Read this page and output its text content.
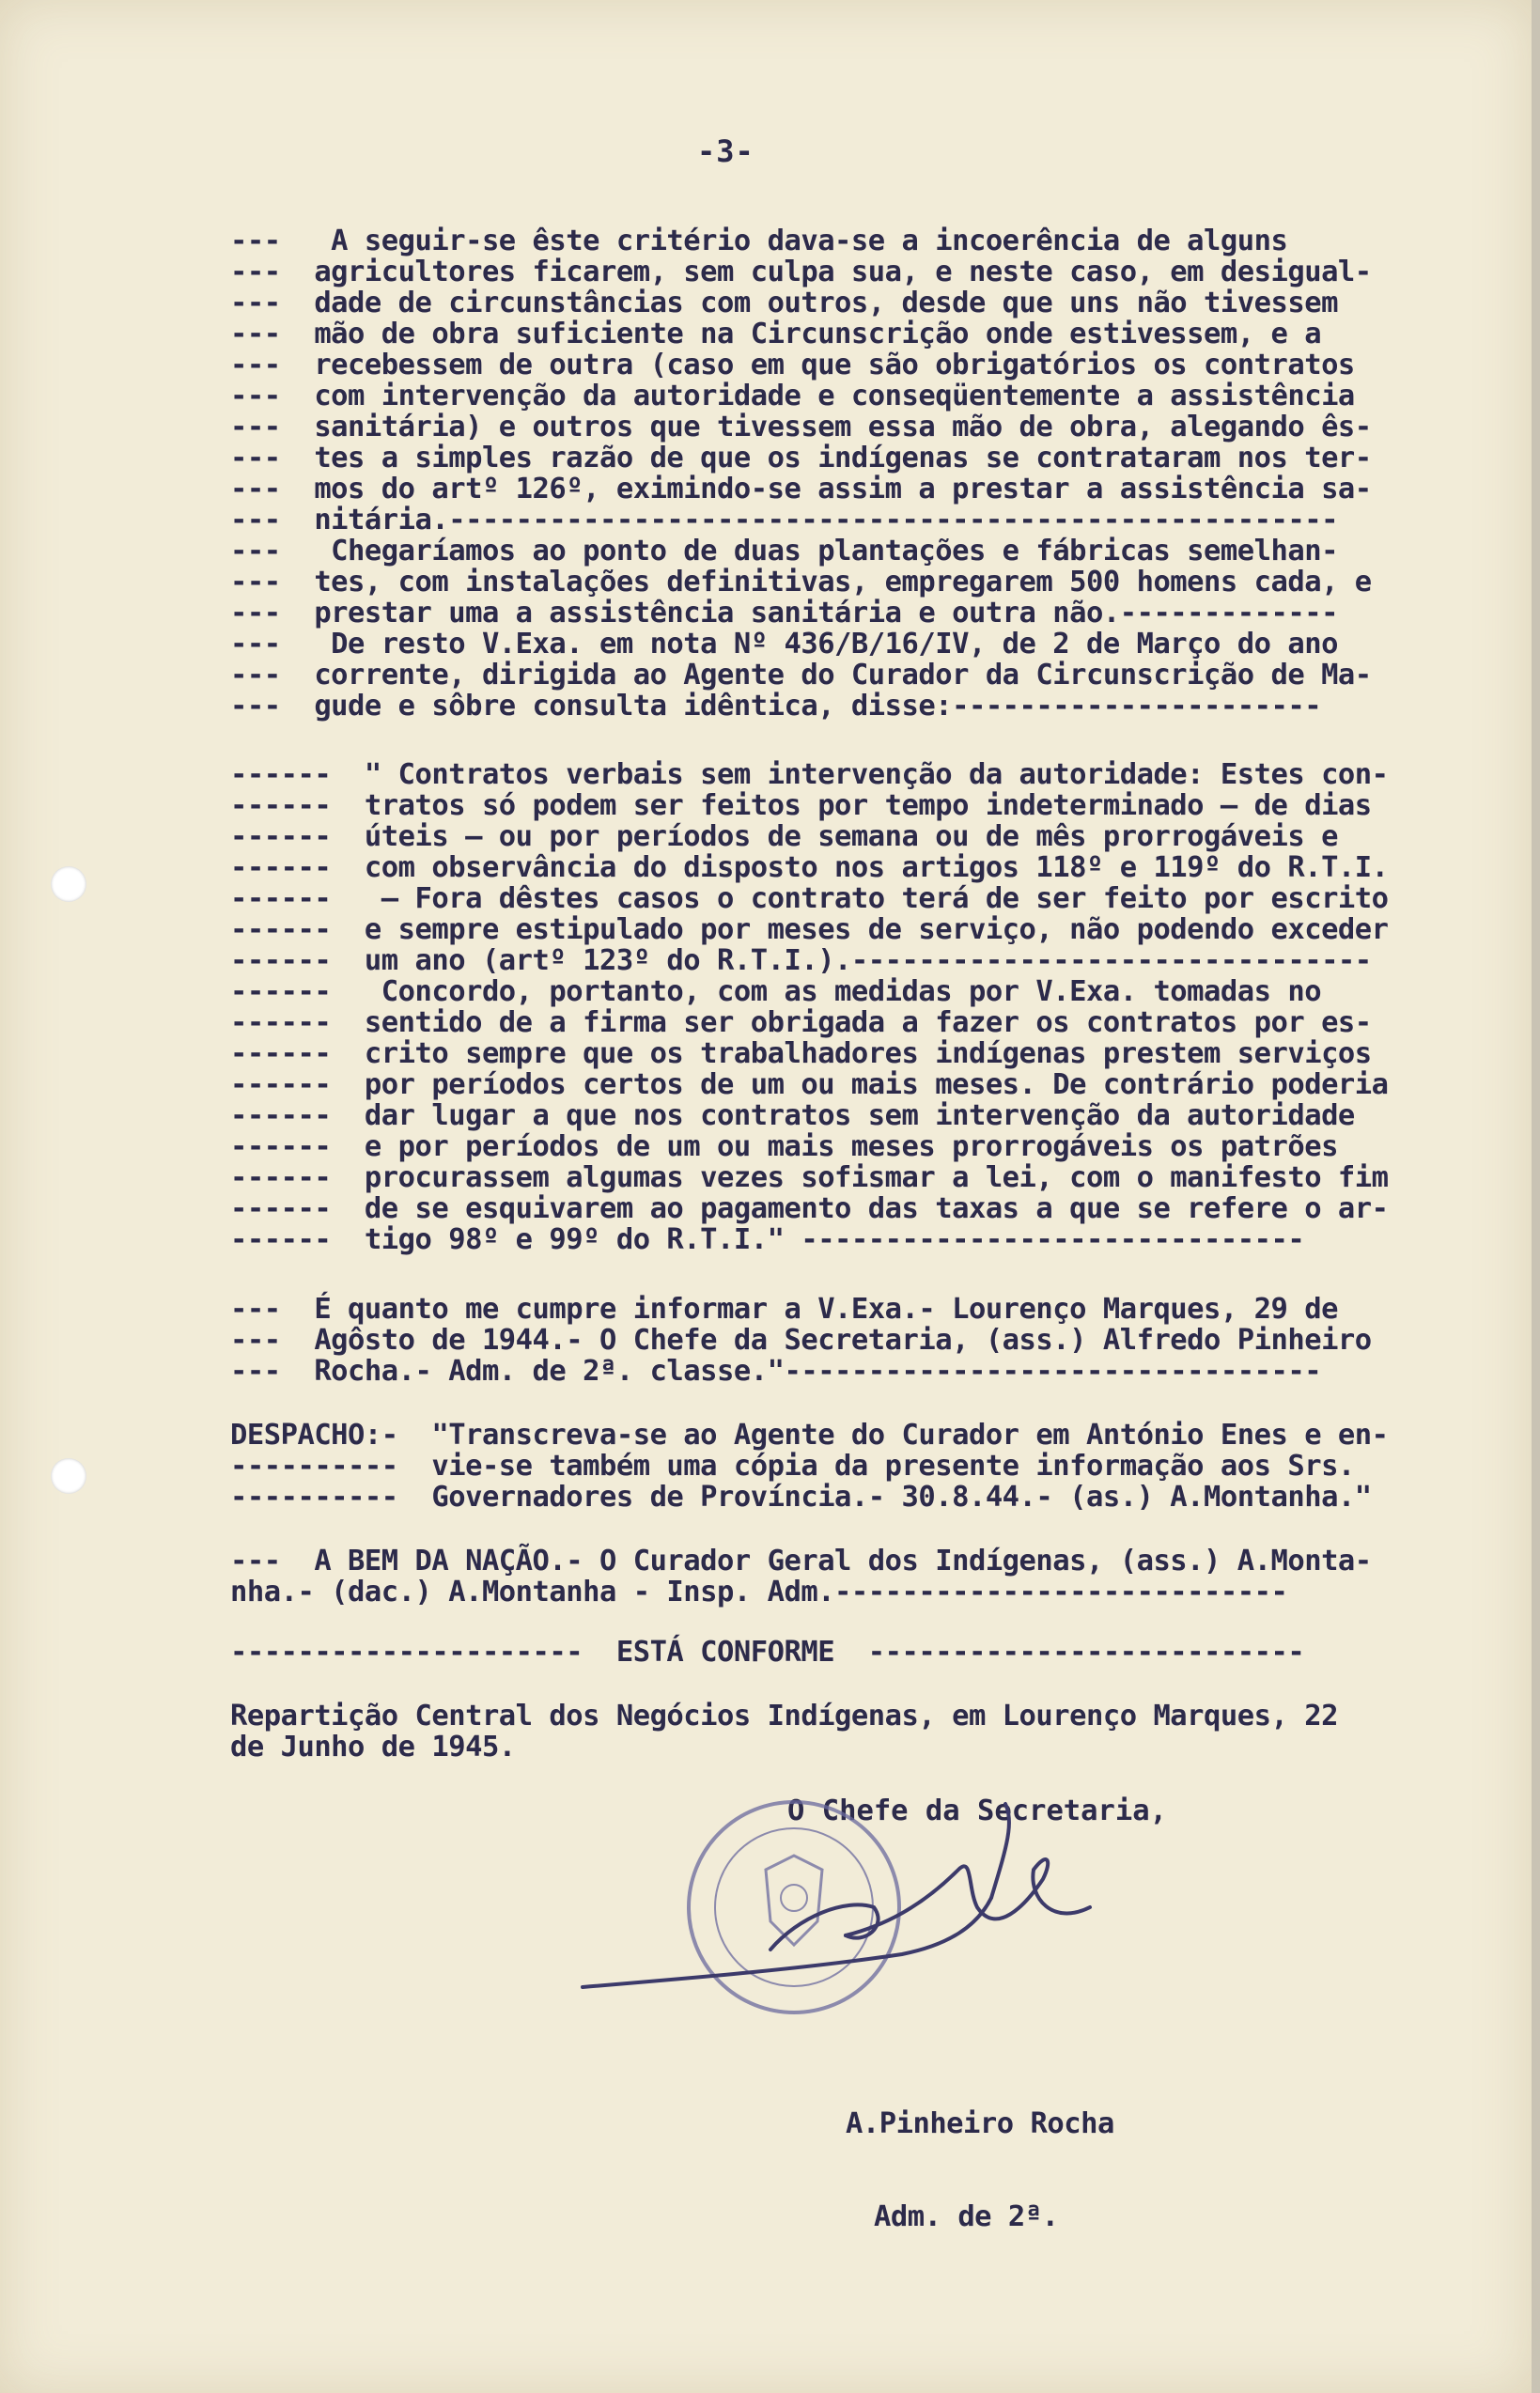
-3-

---   A seguir-se êste critério dava-se a incoerência de alguns

---  agricultores ficarem, sem culpa sua, e neste caso, em desigual-

---  dade de circunstâncias com outros, desde que uns não tivessem

---  mão de obra suficiente na Circunscrição onde estivessem, e a

---  recebessem de outra (caso em que são obrigatórios os contratos

---  com intervenção da autoridade e conseqüentemente a assistência

---  sanitária) e outros que tivessem essa mão de obra, alegando ês-

---  tes a simples razão de que os indígenas se contrataram nos ter-

---  mos do artº 126º, eximindo-se assim a prestar a assistência sa-

---  nitária.-----------------------------------------------------

---   Chegaríamos ao ponto de duas plantações e fábricas semelhan-

---  tes, com instalações definitivas, empregarem 500 homens cada, e

---  prestar uma a assistência sanitária e outra não.-------------

---   De resto V.Exa. em nota Nº 436/B/16/IV, de 2 de Março do ano

---  corrente, dirigida ao Agente do Curador da Circunscrição de Ma-

---  gude e sôbre consulta idêntica, disse:----------------------

------  " Contratos verbais sem intervenção da autoridade: Estes con-

------  tratos só podem ser feitos por tempo indeterminado — de dias

------  úteis — ou por períodos de semana ou de mês prorrogáveis e

------  com observância do disposto nos artigos 118º e 119º do R.T.I.

------   — Fora dêstes casos o contrato terá de ser feito por escrito

------  e sempre estipulado por meses de serviço, não podendo exceder

------  um ano (artº 123º do R.T.I.).-------------------------------

------   Concordo, portanto, com as medidas por V.Exa. tomadas no

------  sentido de a firma ser obrigada a fazer os contratos por es-

------  crito sempre que os trabalhadores indígenas prestem serviços

------  por períodos certos de um ou mais meses. De contrário poderia

------  dar lugar a que nos contratos sem intervenção da autoridade

------  e por períodos de um ou mais meses prorrogáveis os patrões

------  procurassem algumas vezes sofismar a lei, com o manifesto fim

------  de se esquivarem ao pagamento das taxas a que se refere o ar-

------  tigo 98º e 99º do R.T.I." ------------------------------

---  É quanto me cumpre informar a V.Exa.- Lourenço Marques, 29 de

---  Agôsto de 1944.- O Chefe da Secretaria, (ass.) Alfredo Pinheiro

---  Rocha.- Adm. de 2ª. classe."--------------------------------

DESPACHO:-  "Transcreva-se ao Agente do Curador em António Enes e en-

----------  vie-se também uma cópia da presente informação aos Srs.

----------  Governadores de Província.- 30.8.44.- (as.) A.Montanha."

---  A BEM DA NAÇÃO.- O Curador Geral dos Indígenas, (ass.) A.Monta-

nha.- (dac.) A.Montanha - Insp. Adm.---------------------------

---------------------  ESTÁ CONFORME  --------------------------

Repartição Central dos Negócios Indígenas, em Lourenço Marques, 22

de Junho de 1945.

O Chefe da Secretaria,

A.Pinheiro Rocha

Adm. de 2ª.
